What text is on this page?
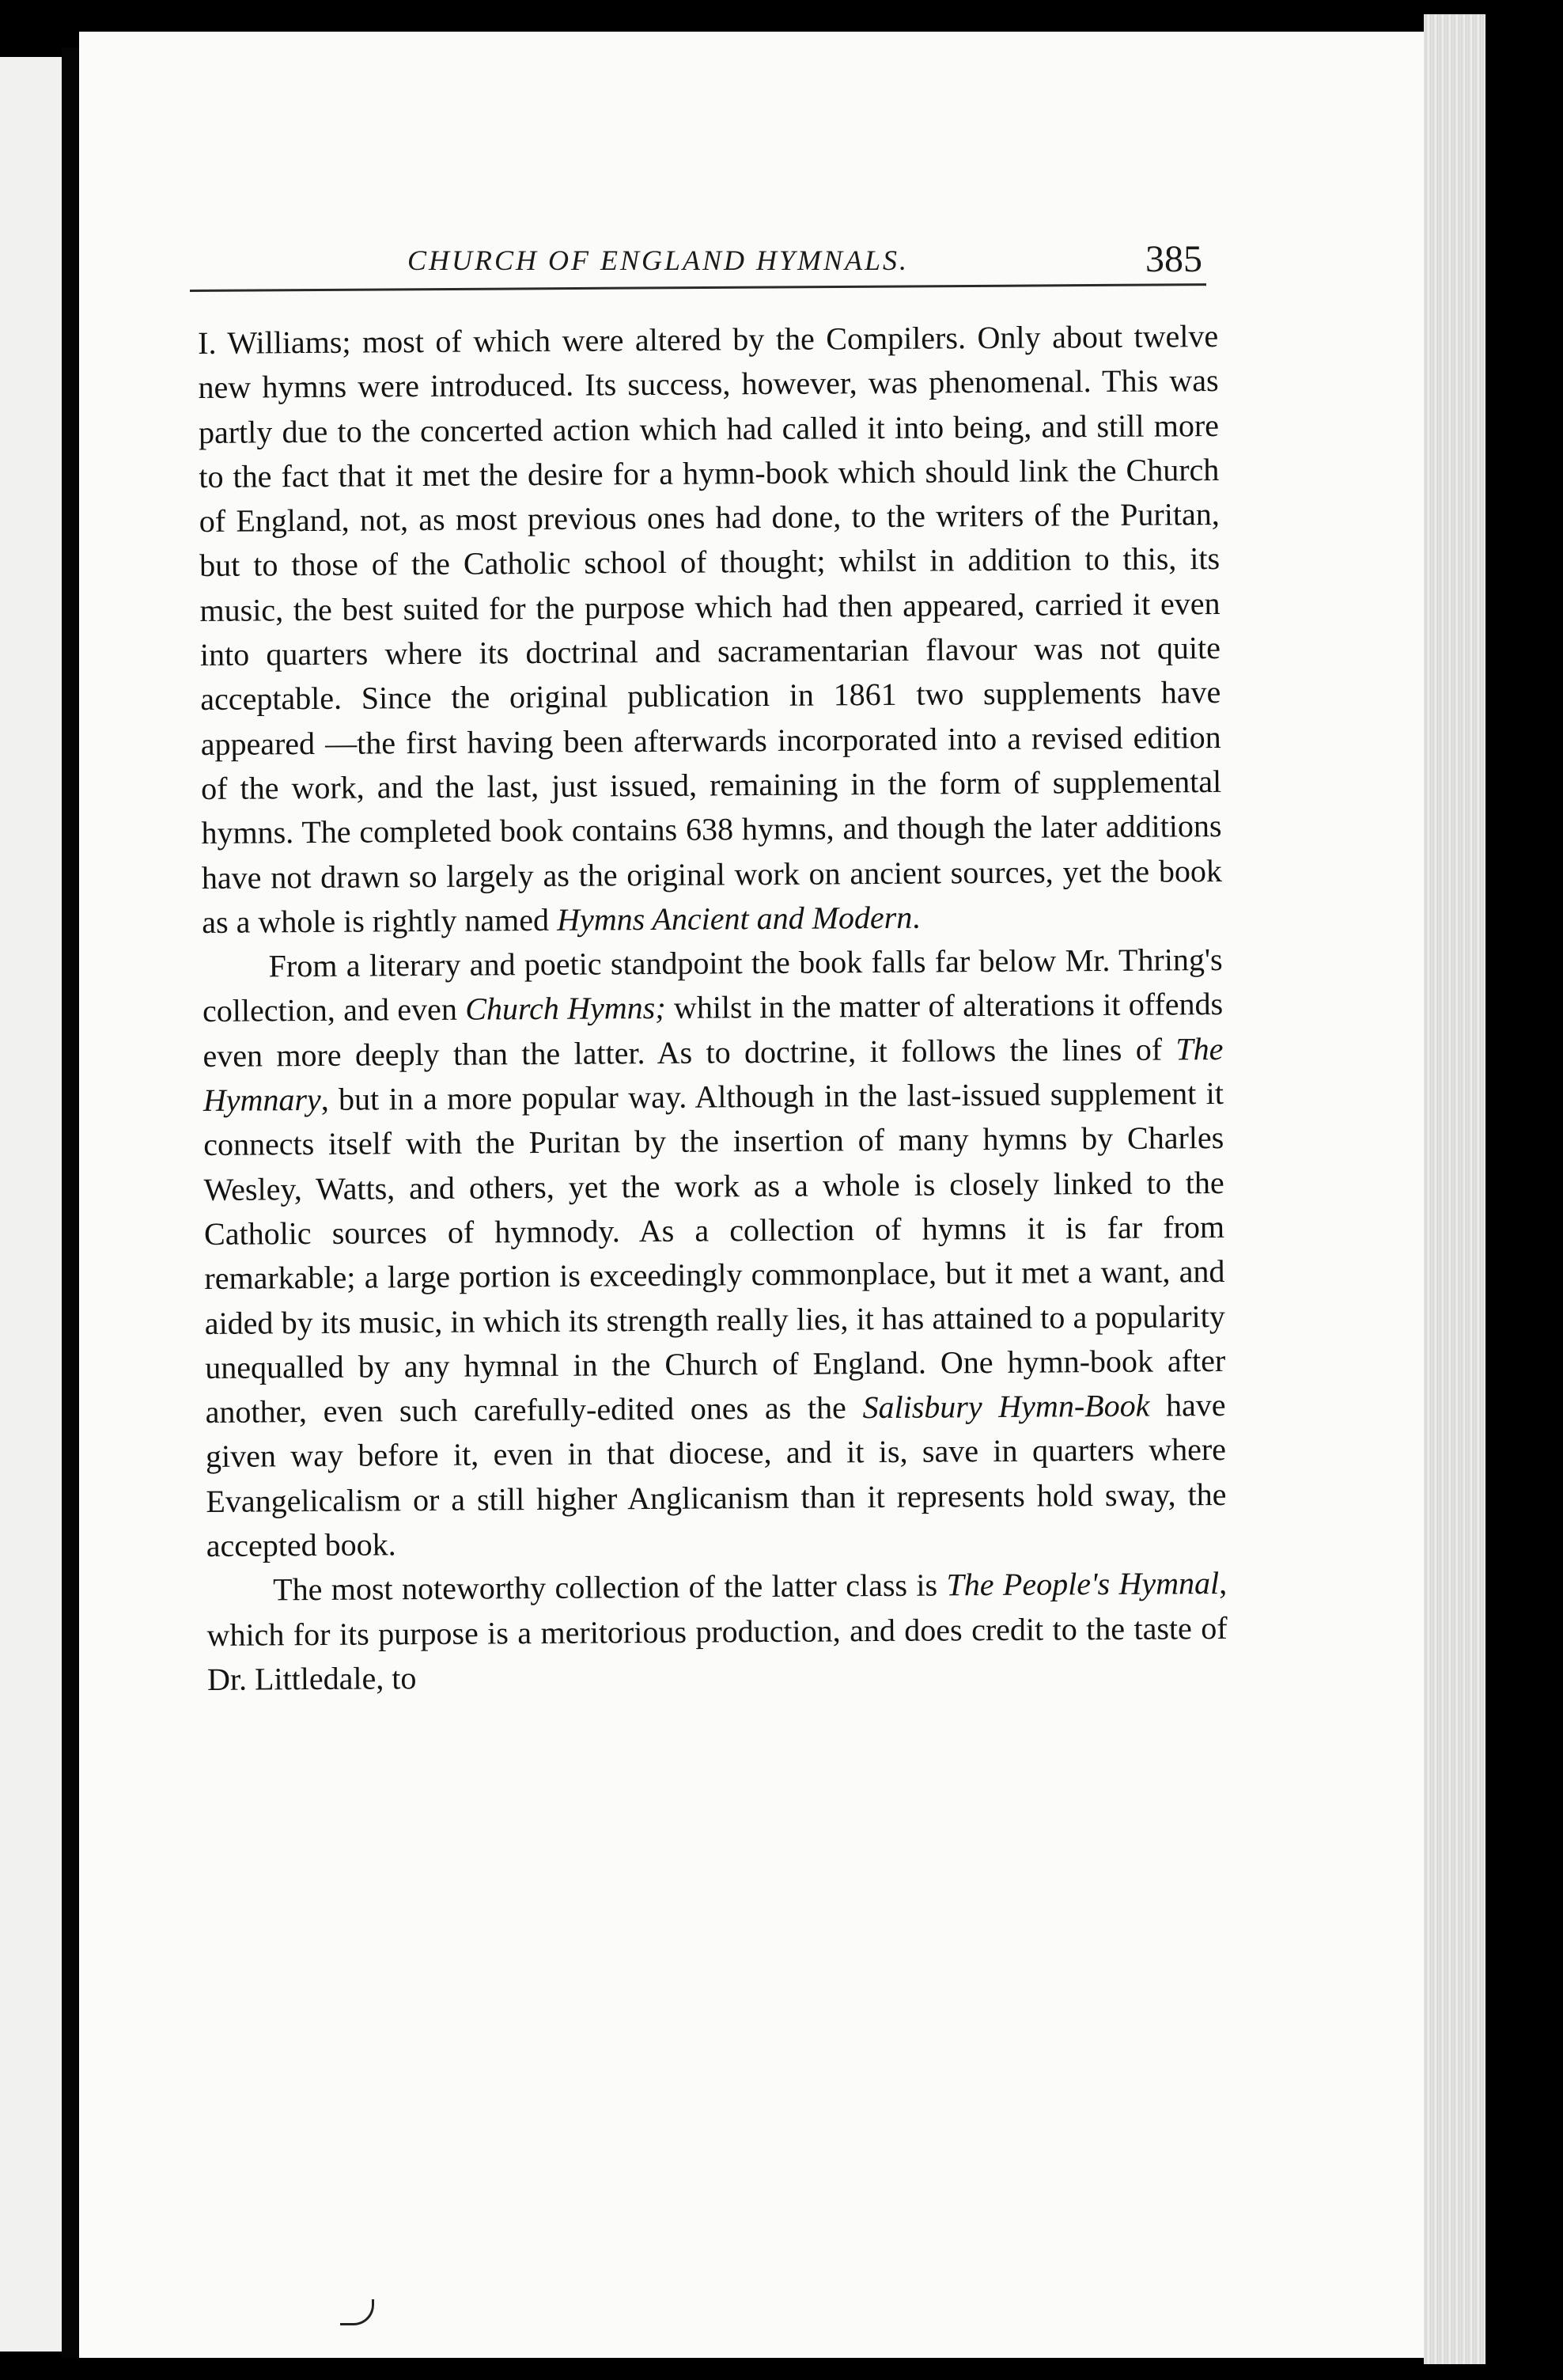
CHURCH OF ENGLAND HYMNALS.	385

I. Williams; most of which were altered by the Compilers. Only about twelve new hymns were introduced. Its success, however, was phenomenal. This was partly due to the concerted action which had called it into being, and still more to the fact that it met the desire for a hymn-book which should link the Church of England, not, as most previous ones had done, to the writers of the Puritan, but to those of the Catholic school of thought; whilst in addition to this, its music, the best suited for the purpose which had then appeared, carried it even into quarters where its doctrinal and sacramentarian flavour was not quite acceptable. Since the original publication in 1861 two supplements have appeared —the first having been afterwards incorporated into a revised edition of the work, and the last, just issued, remaining in the form of supplemental hymns. The completed book contains 638 hymns, and though the later additions have not drawn so largely as the original work on ancient sources, yet the book as a whole is rightly named Hymns Ancient and Modern.

From a literary and poetic standpoint the book falls far below Mr. Thring's collection, and even Church Hymns; whilst in the matter of alterations it offends even more deeply than the latter. As to doctrine, it follows the lines of The Hymnary, but in a more popular way. Although in the last-issued supplement it connects itself with the Puritan by the insertion of many hymns by Charles Wesley, Watts, and others, yet the work as a whole is closely linked to the Catholic sources of hymnody. As a collection of hymns it is far from remarkable; a large portion is exceedingly commonplace, but it met a want, and aided by its music, in which its strength really lies, it has attained to a popularity unequalled by any hymnal in the Church of England. One hymn-book after another, even such carefully-edited ones as the Salisbury Hymn-Book have given way before it, even in that diocese, and it is, save in quarters where Evangelicalism or a still higher Anglicanism than it represents hold sway, the accepted book.

The most noteworthy collection of the latter class is The People's Hymnal, which for its purpose is a meritorious production, and does credit to the taste of Dr. Littledale, to
